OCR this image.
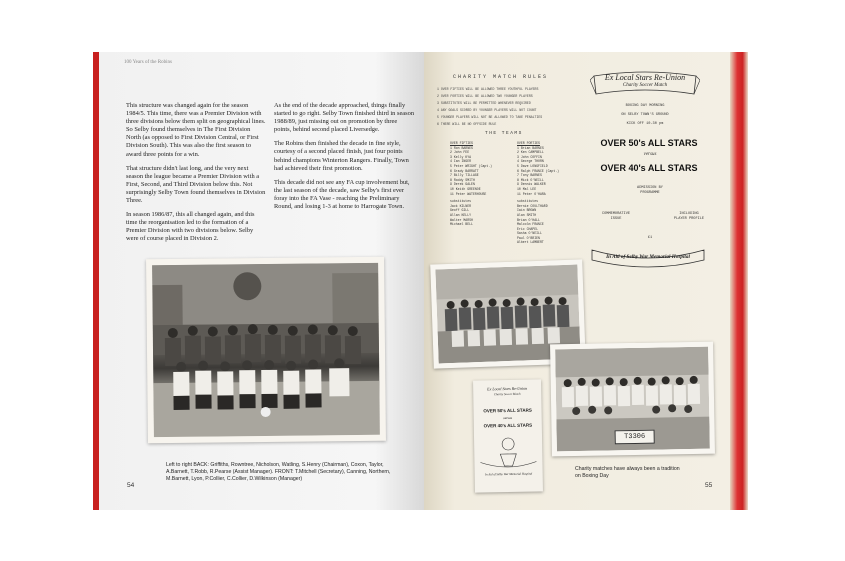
100 Years of the Robins

This structure was changed again for the season 1984/5. This time, there was a Premier Division with three divisions below them split on geographical lines. So Selby found themselves in The First Division North (as opposed to First Division Central, or First Division South). This was also the first season to award three points for a win.

That structure didn't last long, and the very next season the league became a Premier Division with a First, Second, and Third Division below this. Not surprisingly Selby Town found themselves in Division Three.

In season 1986/87, this all changed again, and this time the reorganisation led to the formation of a Premier Division with two divisions below. Selby were of course placed in Division 2.

As the end of the decade approached, things finally started to go right. Selby Town finished third in season 1988/89, just missing out on promotion by three points, behind second placed Liversedge.

The Robins then finished the decade in fine style, courtesy of a second placed finish, just four points behind champions Winterton Rangers. Finally, Town had achieved their first promotion.

This decade did not see any FA cup involvement but, the last season of the decade, saw Selby's first ever foray into the FA Vase - reaching the Preliminary Round, and losing 1-3 at home to Harrogate Town.

Left to right BACK: Griffiths, Rowntree, Nicholson, Watling, S.Henry (Chairman), Coxon, Taylor, A.Barnett, T.Robb, R.Pearse (Assist Manager). FRONT: T.Mitchell (Secretary), Canning, Northern, M.Barnett, Lyon, P.Collier, C.Collier, D.Wilkinson (Manager)
54
CHARITY MATCH RULES
1 OVER FIFTIES WILL BE ALLOWED THREE YOUTHFUL PLAYERS
2 OVER FORTIES WILL BE ALLOWED TWO YOUNGER PLAYERS
3 SUBSTITUTES WILL BE PERMITTED WHENEVER REQUIRED
4 ANY GOALS SCORED BY YOUNGER PLAYERS WILL NOT COUNT
5 YOUNGER PLAYERS WILL NOT BE ALLOWED TO TAKE PENALTIES
6 THERE WILL BE NO OFFSIDE RULE
THE TEAMS
OVER FIFTIES
1 Ron BARNES
2 John FEE
3 Kelly KYA
4 Ian INGER
5 Peter WRIGHT (Capt.)
6 Grady BARRATT
7 Billy TILLAGE
8 Roddy SMITH
9 Derek GALEN
10 Keith GREENOE
11 Peter WATERHOUSE
substitutes
Jack KILNER
Geoff GILL
Allan KELLY
Walter MARSH
Michael BELL
OVER FORTIES
1 Brian BARNES
2 Ken CAMPBELL
3 John COFFIN
4 George THORN
5 Dave LONGFIELD
6 Ralph FRANCE (Capt.)
7 Tony BARNES
8 Mick O'NEILL
9 Dennis WALKER
10 Mal LEE
11 Peter O'HARA
substitutes
Bernie COULTHARD
Iain BROWN
Alan SMITH
Brian O'HALL
Malcolm FRANCE
Eric CHAPEL
Sasha O'NEILL
Paul O'BRIEN
Albert LAMBERT
Ex Local Stars Re-Union
Charity Soccer Match
BOXING DAY MORNING
ON SELBY TOWN'S GROUND
KICK OFF 10-30 pm
OVER 50's ALL STARS
versus
OVER 40's ALL STARS
ADMISSION BY PROGRAMME
COMMEMORATIVE ISSUE
INCLUDING PLAYER PROFILE
£1
In Aid of Selby War Memorial Hospital
Ex Local Stars Re-Union
Charity Soccer Match
OVER 50's ALL STARS
versus
OVER 40's ALL STARS
In Aid of Selby War Memorial Hospital
T3306
Charity matches have always been a tradition on Boxing Day
55
